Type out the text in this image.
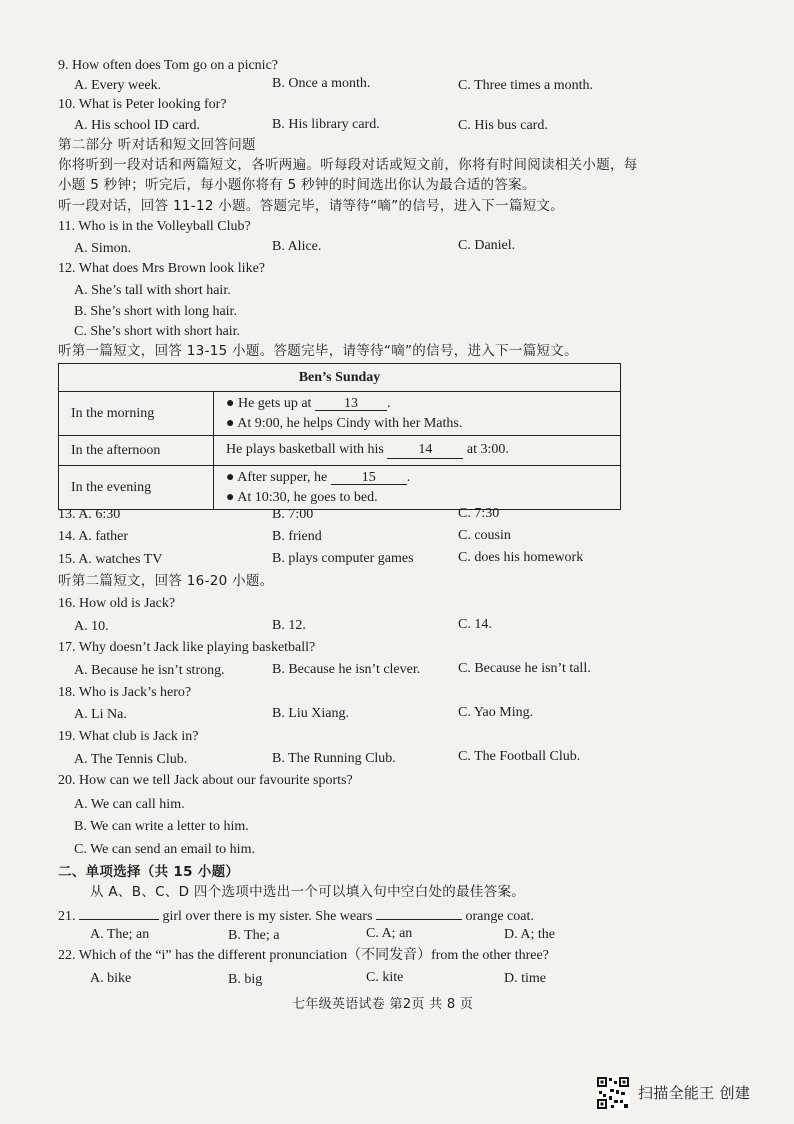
9. How often does Tom go on a picnic?
A. Every week.	B. Once a month.	C. Three times a month.
10. What is Peter looking for?
A. His school ID card.	B. His library card.	C. His bus card.
第二部分 听对话和短文回答问题
你将听到一段对话和两篇短文，各听两遍。听每段对话或短文前，你将有时间阅读相关小题，每
小题 5 秒钟；听完后，每小题你将有 5 秒钟的时间选出你认为最合适的答案。
听一段对话，回答 11-12 小题。答题完毕，请等待“嘀”的信号，进入下一篇短文。
11. Who is in the Volleyball Club?
A. Simon.	B. Alice.	C. Daniel.
12. What does Mrs Brown look like?
A. She’s tall with short hair.
B. She’s short with long hair.
C. She’s short with short hair.
听第一篇短文，回答 13-15 小题。答题完毕，请等待“嘀”的信号，进入下一篇短文。
Ben’s Sunday	
In the morning	● He gets up at 13 .
● At 9:00, he helps Cindy with her Maths.

In the afternoon	He plays basketball with his 14 at 3:00.
In the evening	● After supper, he 15 .
● At 10:30, he goes to bed.
13. A. 6:30	B. 7:00	C. 7:30
14. A. father	B. friend	C. cousin
15. A. watches TV	B. plays computer games	C. does his homework
听第二篇短文，回答 16-20 小题。
16. How old is Jack?
A. 10.	B. 12.	C. 14.
17. Why doesn’t Jack like playing basketball?
A. Because he isn’t strong.	B. Because he isn’t clever.	C. Because he isn’t tall.
18. Who is Jack’s hero?
A. Li Na.	B. Liu Xiang.	C. Yao Ming.
19. What club is Jack in?
A. The Tennis Club.	B. The Running Club.	C. The Football Club.
20. How can we tell Jack about our favourite sports?
A. We can call him.
B. We can write a letter to him.
C. We can send an email to him.
二、单项选择（共 15 小题）
从 A、B、C、D 四个选项中选出一个可以填入句中空白处的最佳答案。
21.	girl over there is my sister. She wears	orange coat.
A. The; an	B. The; a	C. A; an	D. A; the
22. Which of the “i” has the different pronunciation（不同发音）from the other three?
A. bike	B. big	C. kite	D. time
七年级英语试卷 第2页 共 8 页
扫描全能王 创建
